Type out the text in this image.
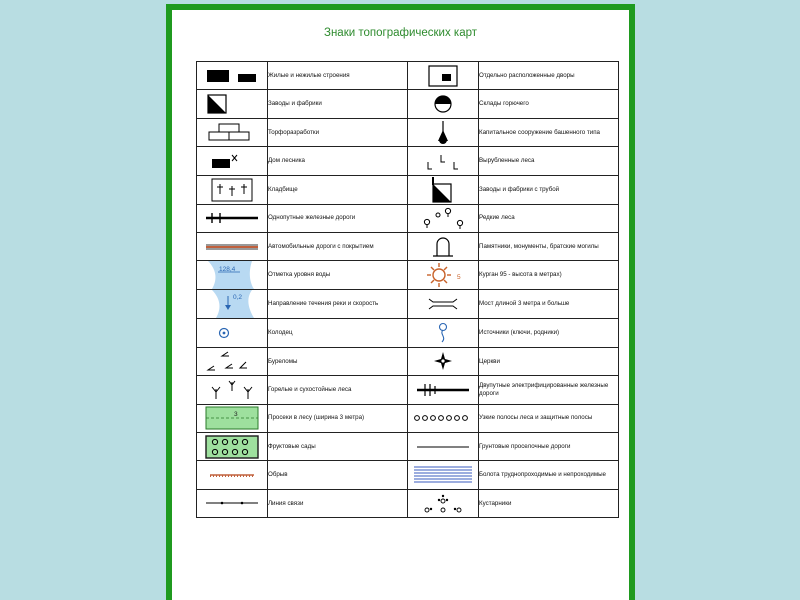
Знаки топографических карт
	Жилые и нежилые строения		Отдельно расположенные дворы

	Заводы и фабрики		Склады горючего

	Торфоразработки		Капитальное сооружение башенного типа

	Дом лесника		Вырубленные леса

	Кладбище		Заводы и фабрики с трубой

	Однопутные железные дороги		Редкие леса

	Автомобильные дороги с покрытием		Памятники, монументы, братские могилы

128,4	Отметка уровня воды	5	Курган 95 - высота в метрах)

0,2	Направление течения реки и скорость		Мост длиной 3 метра и больше

	Колодец		Источники (ключи, родники)

	Буреломы		Церкви

	Горелые и сухостойные леса		Двупутные электрифицированные железные дороги

3	Просеки в лесу (ширина 3 метра)		Узкие полосы леса и защитные полосы

	Фруктовые сады		Грунтовые проселочные дороги

	Обрыв		Болота труднопроходимые и непроходимые

	Линия связи		Кустарники
